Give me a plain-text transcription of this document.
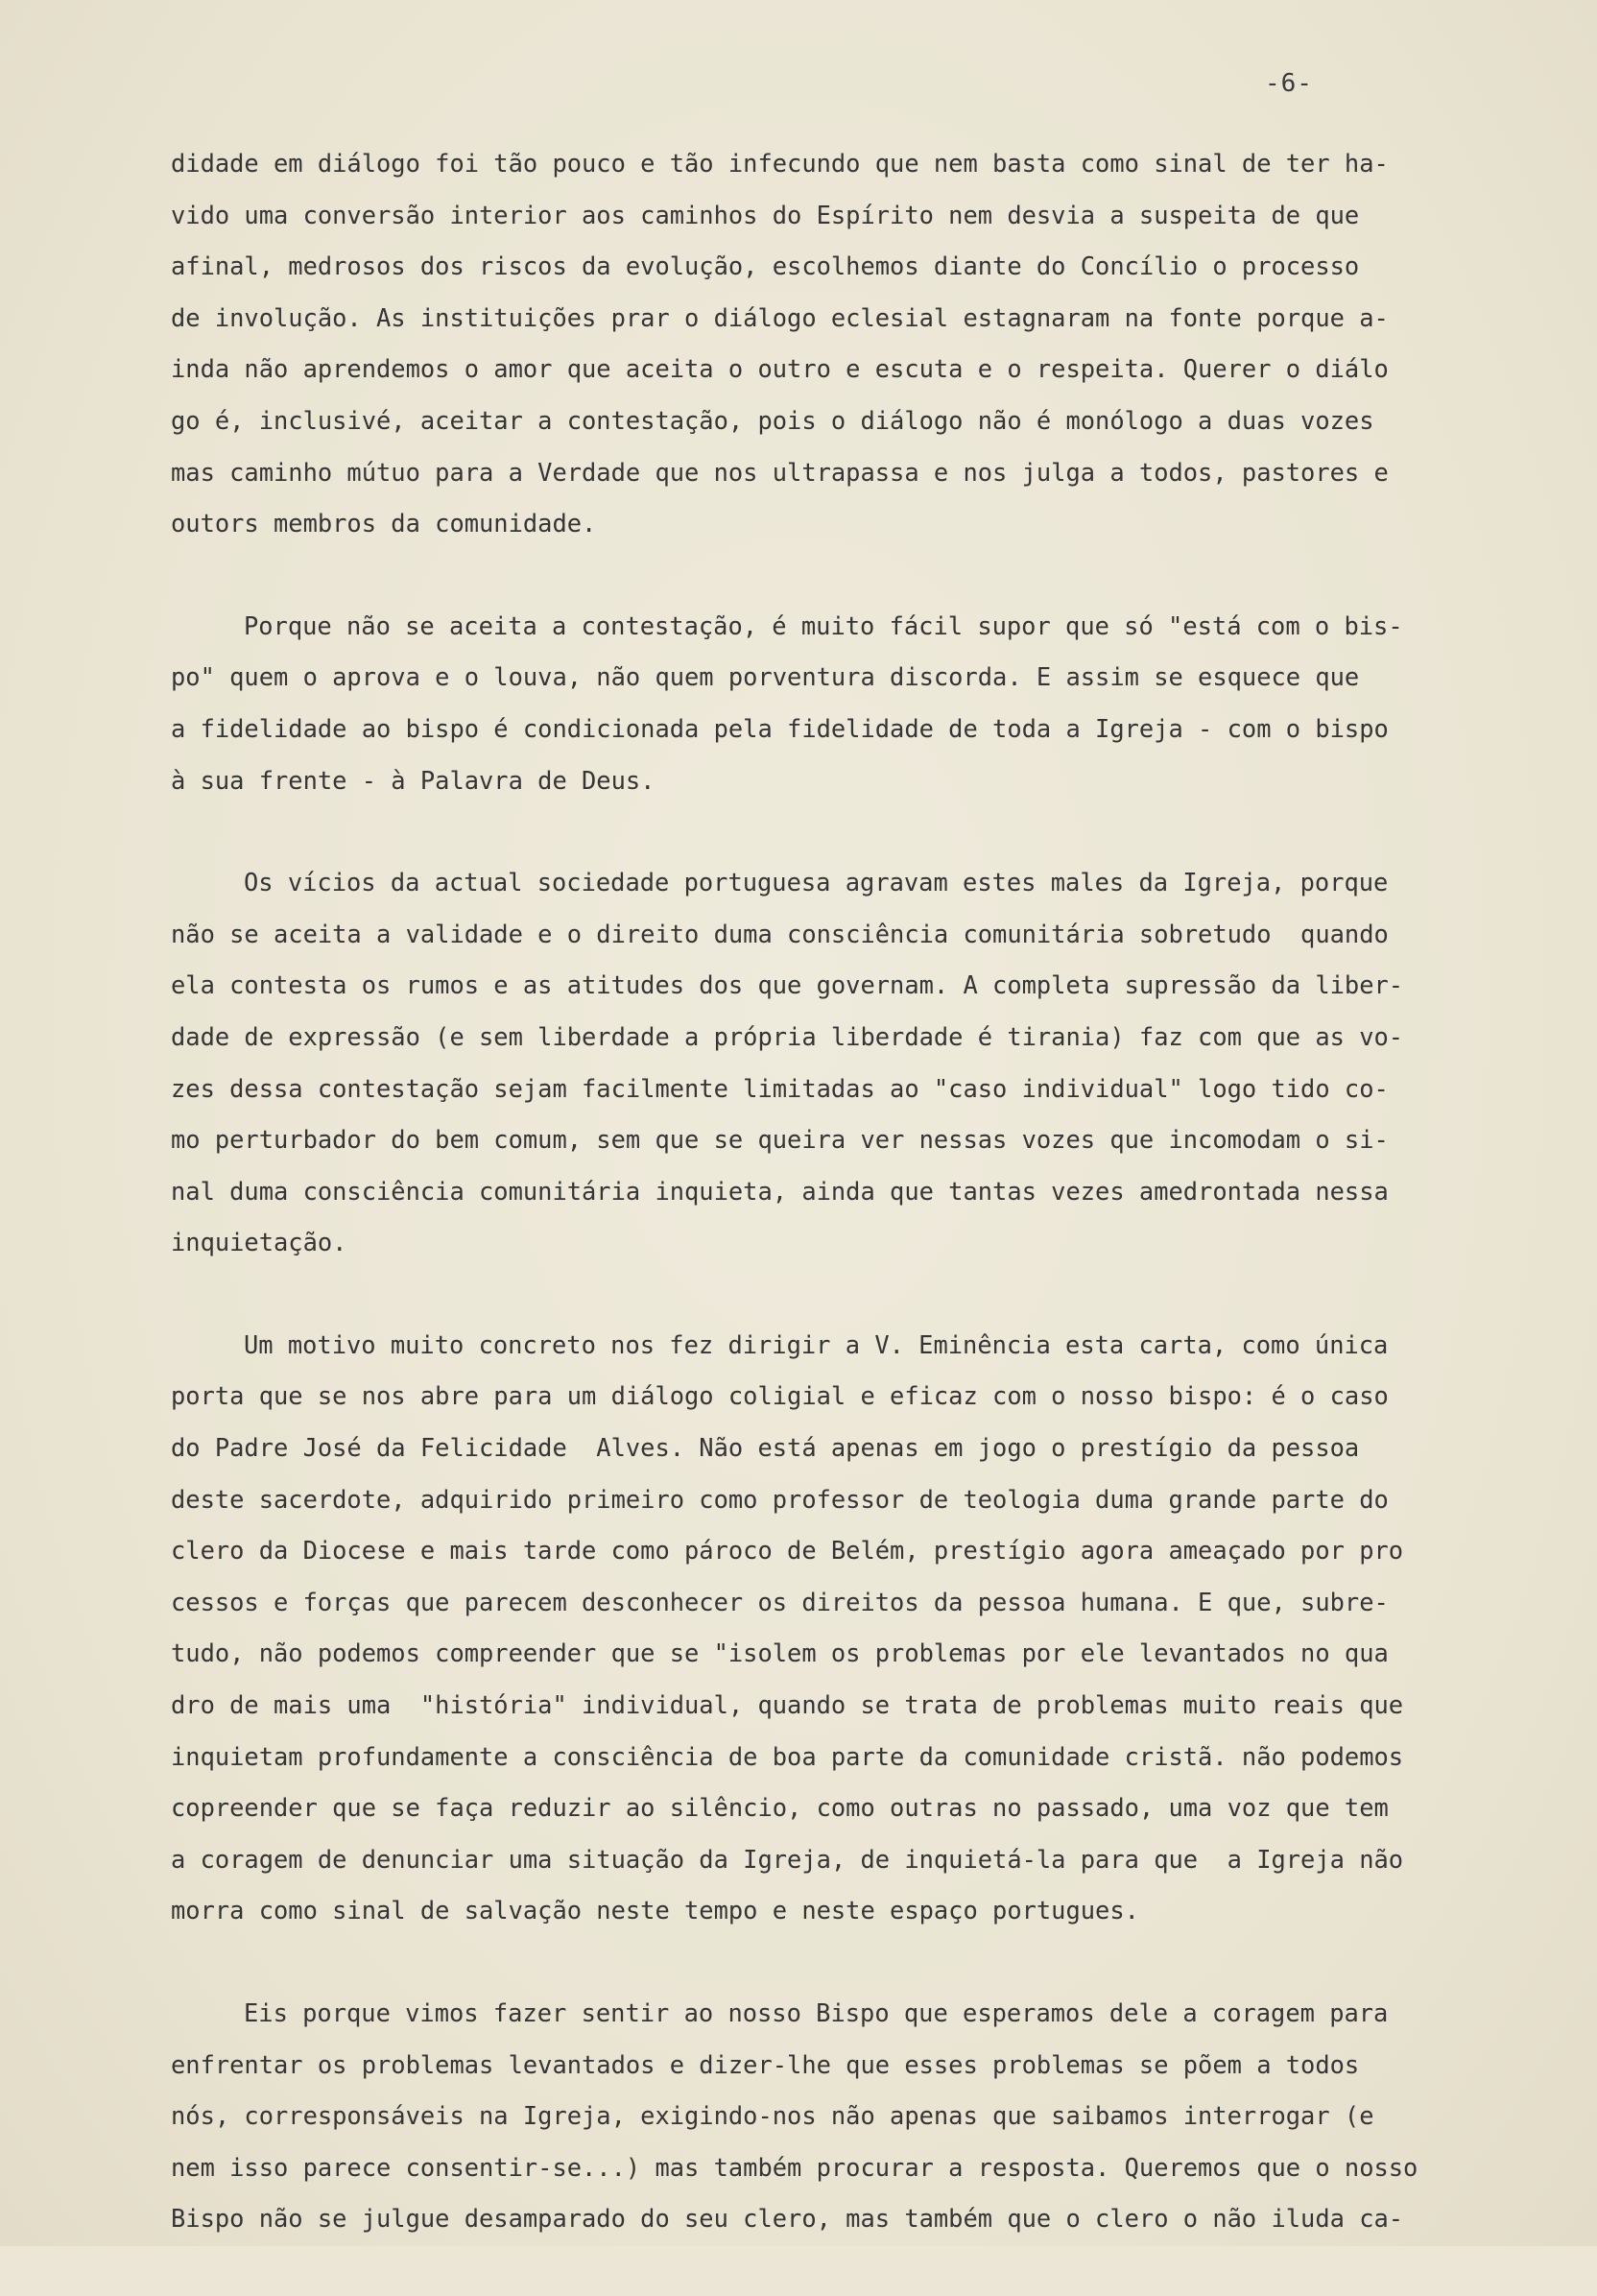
-6-
didade em diálogo foi tão pouco e tão infecundo que nem basta como sinal de ter ha-
vido uma conversão interior aos caminhos do Espírito nem desvia a suspeita de que
afinal, medrosos dos riscos da evolução, escolhemos diante do Concílio o processo
de involução. As instituições prar o diálogo eclesial estagnaram na fonte porque a-
inda não aprendemos o amor que aceita o outro e escuta e o respeita. Querer o diálo
go é, inclusivé, aceitar a contestação, pois o diálogo não é monólogo a duas vozes
mas caminho mútuo para a Verdade que nos ultrapassa e nos julga a todos, pastores e
outors membros da comunidade.
Porque não se aceita a contestação, é muito fácil supor que só "está com o bis-
po" quem o aprova e o louva, não quem porventura discorda. E assim se esquece que
a fidelidade ao bispo é condicionada pela fidelidade de toda a Igreja - com o bispo
à sua frente - à Palavra de Deus.
Os vícios da actual sociedade portuguesa agravam estes males da Igreja, porque
não se aceita a validade e o direito duma consciência comunitária sobretudo  quando
ela contesta os rumos e as atitudes dos que governam. A completa supressão da liber-
dade de expressão (e sem liberdade a própria liberdade é tirania) faz com que as vo-
zes dessa contestação sejam facilmente limitadas ao "caso individual" logo tido co-
mo perturbador do bem comum, sem que se queira ver nessas vozes que incomodam o si-
nal duma consciência comunitária inquieta, ainda que tantas vezes amedrontada nessa
inquietação.
Um motivo muito concreto nos fez dirigir a V. Eminência esta carta, como única
porta que se nos abre para um diálogo coligial e eficaz com o nosso bispo: é o caso
do Padre José da Felicidade  Alves. Não está apenas em jogo o prestígio da pessoa
deste sacerdote, adquirido primeiro como professor de teologia duma grande parte do
clero da Diocese e mais tarde como pároco de Belém, prestígio agora ameaçado por pro
cessos e forças que parecem desconhecer os direitos da pessoa humana. E que, subre-
tudo, não podemos compreender que se "isolem os problemas por ele levantados no qua
dro de mais uma  "história" individual, quando se trata de problemas muito reais que
inquietam profundamente a consciência de boa parte da comunidade cristã. não podemos
copreender que se faça reduzir ao silêncio, como outras no passado, uma voz que tem
a coragem de denunciar uma situação da Igreja, de inquietá-la para que  a Igreja não
morra como sinal de salvação neste tempo e neste espaço portugues.
Eis porque vimos fazer sentir ao nosso Bispo que esperamos dele a coragem para
enfrentar os problemas levantados e dizer-lhe que esses problemas se põem a todos
nós, corresponsáveis na Igreja, exigindo-nos não apenas que saibamos interrogar (e
nem isso parece consentir-se...) mas também procurar a resposta. Queremos que o nosso
Bispo não se julgue desamparado do seu clero, mas também que o clero o não iluda ca-
